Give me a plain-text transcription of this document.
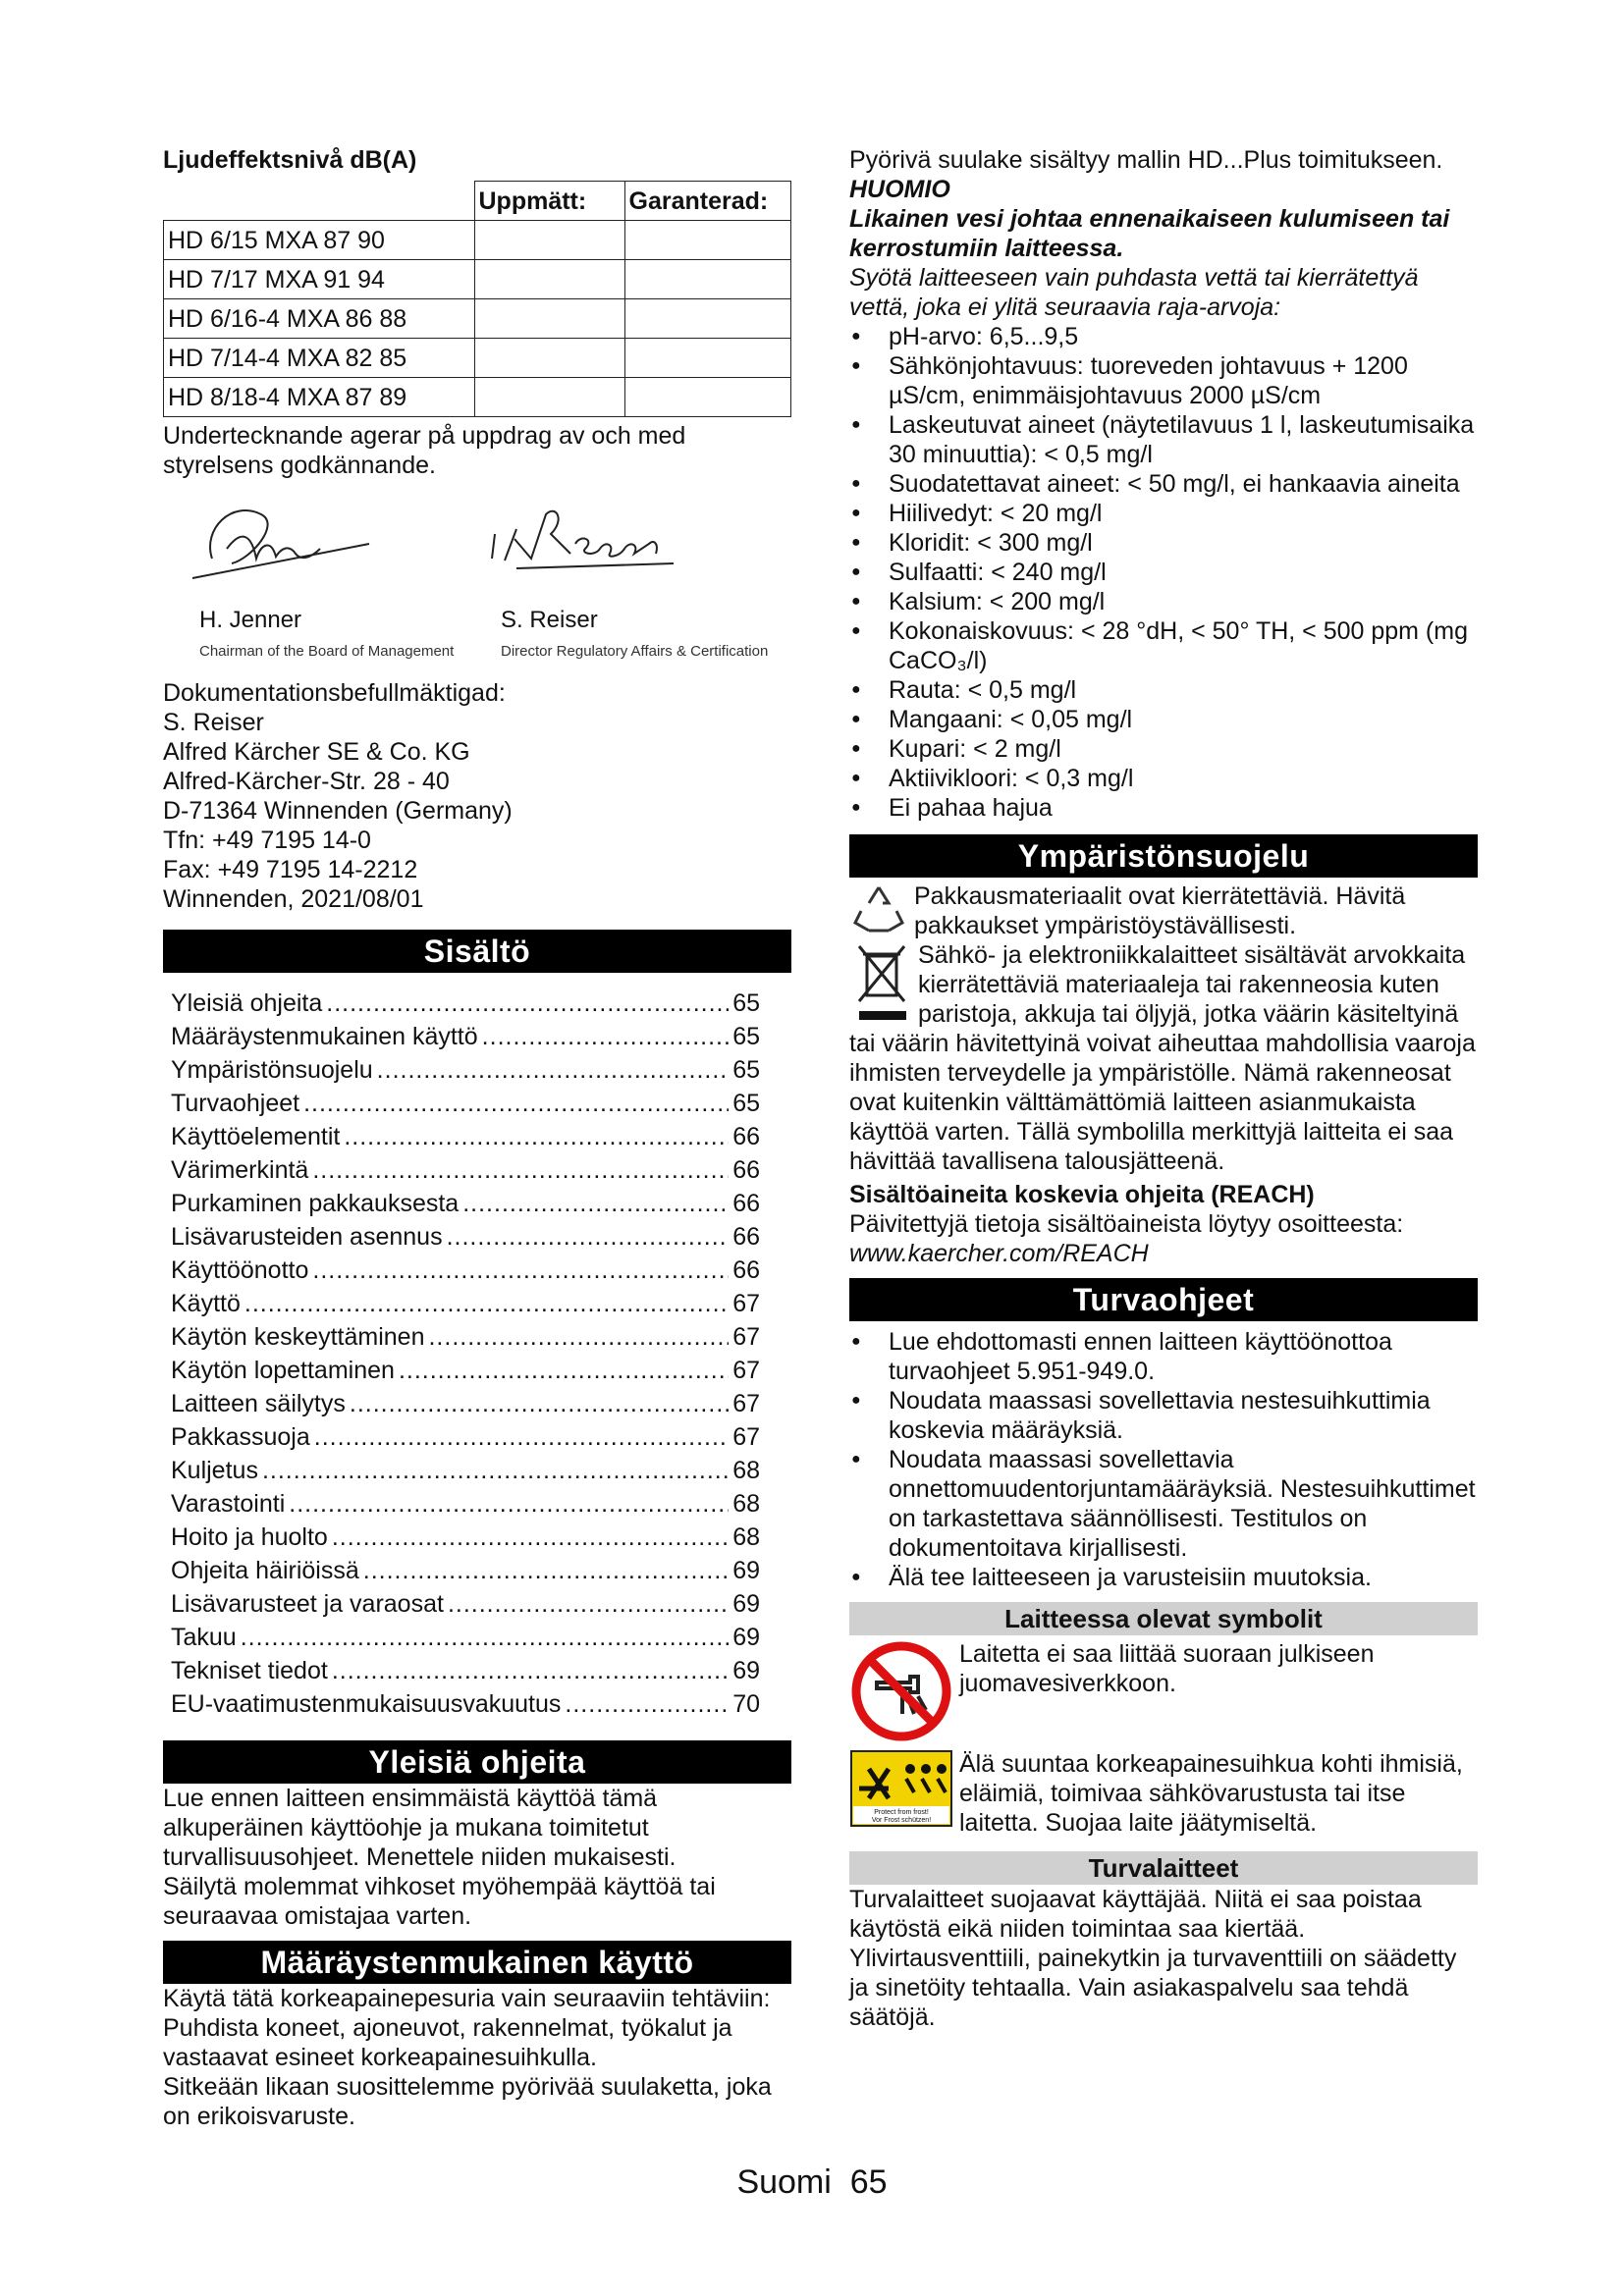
Ljudeffektsnivå dB(A)

	Uppmätt:	Garanterad:
HD 6/15 MXA 87 90		
HD 7/17 MXA 91 94		
HD 6/16-4 MXA 86 88		
HD 7/14-4 MXA 82 85		
HD 8/18-4 MXA 87 89		

Undertecknande agerar på uppdrag av och med styrelsens godkännande.

H. Jenner
Chairman of the Board of Management
S. Reiser
Director Regulatory Affairs & Certification

Dokumentationsbefullmäktigad:

S. Reiser

Alfred Kärcher SE & Co. KG

Alfred-Kärcher-Str. 28 - 40

D-71364 Winnenden (Germany)

Tfn: +49 7195 14-0

Fax: +49 7195 14-2212

Winnenden, 2021/08/01

Sisältö
Yleisiä ohjeita .....	65
Määräystenmukainen käyttö .....	65
Ympäristönsuojelu .....	65
Turvaohjeet .....	65
Käyttöelementit .....	66
Värimerkintä .....	66
Purkaminen pakkauksesta .....	66
Lisävarusteiden asennus .....	66
Käyttöönotto .....	66
Käyttö .....	67
Käytön keskeyttäminen .....	67
Käytön lopettaminen .....	67
Laitteen säilytys .....	67
Pakkassuoja .....	67
Kuljetus .....	68
Varastointi .....	68
Hoito ja huolto .....	68
Ohjeita häiriöissä .....	69
Lisävarusteet ja varaosat .....	69
Takuu .....	69
Tekniset tiedot .....	69
EU-vaatimustenmukaisuusvakuutus .....	70
Yleisiä ohjeita

Lue ennen laitteen ensimmäistä käyttöä tämä alkuperäinen käyttöohje ja mukana toimitetut turvallisuusohjeet. Menettele niiden mukaisesti.

Säilytä molemmat vihkoset myöhempää käyttöä tai seuraavaa omistajaa varten.

Määräystenmukainen käyttö

Käytä tätä korkeapainepesuria vain seuraaviin tehtäviin: Puhdista koneet, ajoneuvot, rakennelmat, työkalut ja vastaavat esineet korkeapainesuihkulla.

Sitkeään likaan suosittelemme pyörivää suulaketta, joka on erikoisvaruste.

Pyörivä suulake sisältyy mallin HD...Plus toimitukseen.

HUOMIO

Likainen vesi johtaa ennenaikaiseen kulumiseen tai kerrostumiin laitteessa.

Syötä laitteeseen vain puhdasta vettä tai kierrätettyä vettä, joka ei ylitä seuraavia raja-arvoja:

● pH-arvo: 6,5...9,5
● Sähkönjohtavuus: tuoreveden johtavuus + 1200 µS/cm, enimmäisjohtavuus 2000 µS/cm
● Laskeutuvat aineet (näytetilavuus 1 l, laskeutumisaika 30 minuuttia): < 0,5 mg/l
● Suodatettavat aineet: < 50 mg/l, ei hankaavia aineita
● Hiilivedyt: < 20 mg/l
● Kloridit: < 300 mg/l
● Sulfaatti: < 240 mg/l
● Kalsium: < 200 mg/l
● Kokonaiskovuus: < 28 °dH, < 50° TH, < 500 ppm (mg CaCO₃/l)
● Rauta: < 0,5 mg/l
● Mangaani: < 0,05 mg/l
● Kupari: < 2 mg/l
● Aktiivikloori: < 0,3 mg/l
● Ei pahaa hajua
Ympäristönsuojelu

Pakkausmateriaalit ovat kierrätettäviä. Hävitä pakkaukset ympäristöystävällisesti.

Sähkö- ja elektroniikkalaitteet sisältävät arvokkaita kierrätettäviä materiaaleja tai rakenneosia kuten paristoja, akkuja tai öljyjä, jotka väärin käsiteltyinä tai väärin hävitettyinä voivat aiheuttaa mahdollisia vaaroja ihmisten terveydelle ja ympäristölle. Nämä rakenneosat ovat kuitenkin välttämättömiä laitteen asianmukaista käyttöä varten. Tällä symbolilla merkittyjä laitteita ei saa hävittää tavallisena talousjätteenä.

Sisältöaineita koskevia ohjeita (REACH)

Päivitettyjä tietoja sisältöaineista löytyy osoitteesta:

www.kaercher.com/REACH

Turvaohjeet
● Lue ehdottomasti ennen laitteen käyttöönottoa turvaohjeet 5.951-949.0.
● Noudata maassasi sovellettavia nestesuihkuttimia koskevia määräyksiä.
● Noudata maassasi sovellettavia onnettomuudentorjuntamääräyksiä. Nestesuihkuttimet on tarkastettava säännöllisesti. Testitulos on dokumentoitava kirjallisesti.
● Älä tee laitteeseen ja varusteisiin muutoksia.
Laitteessa olevat symbolit

Laitetta ei saa liittää suoraan julkiseen juomavesiverkkoon.

Protect from frost!
Vor Frost schützen!

Älä suuntaa korkeapainesuihkua kohti ihmisiä, eläimiä, toimivaa sähkövarustusta tai itse laitetta. Suojaa laite jäätymiseltä.

Turvalaitteet

Turvalaitteet suojaavat käyttäjää. Niitä ei saa poistaa käytöstä eikä niiden toimintaa saa kiertää.

Ylivirtausventtiili, painekytkin ja turvaventtiili on säädetty ja sinetöity tehtaalla. Vain asiakaspalvelu saa tehdä säätöjä.

Suomi 65
